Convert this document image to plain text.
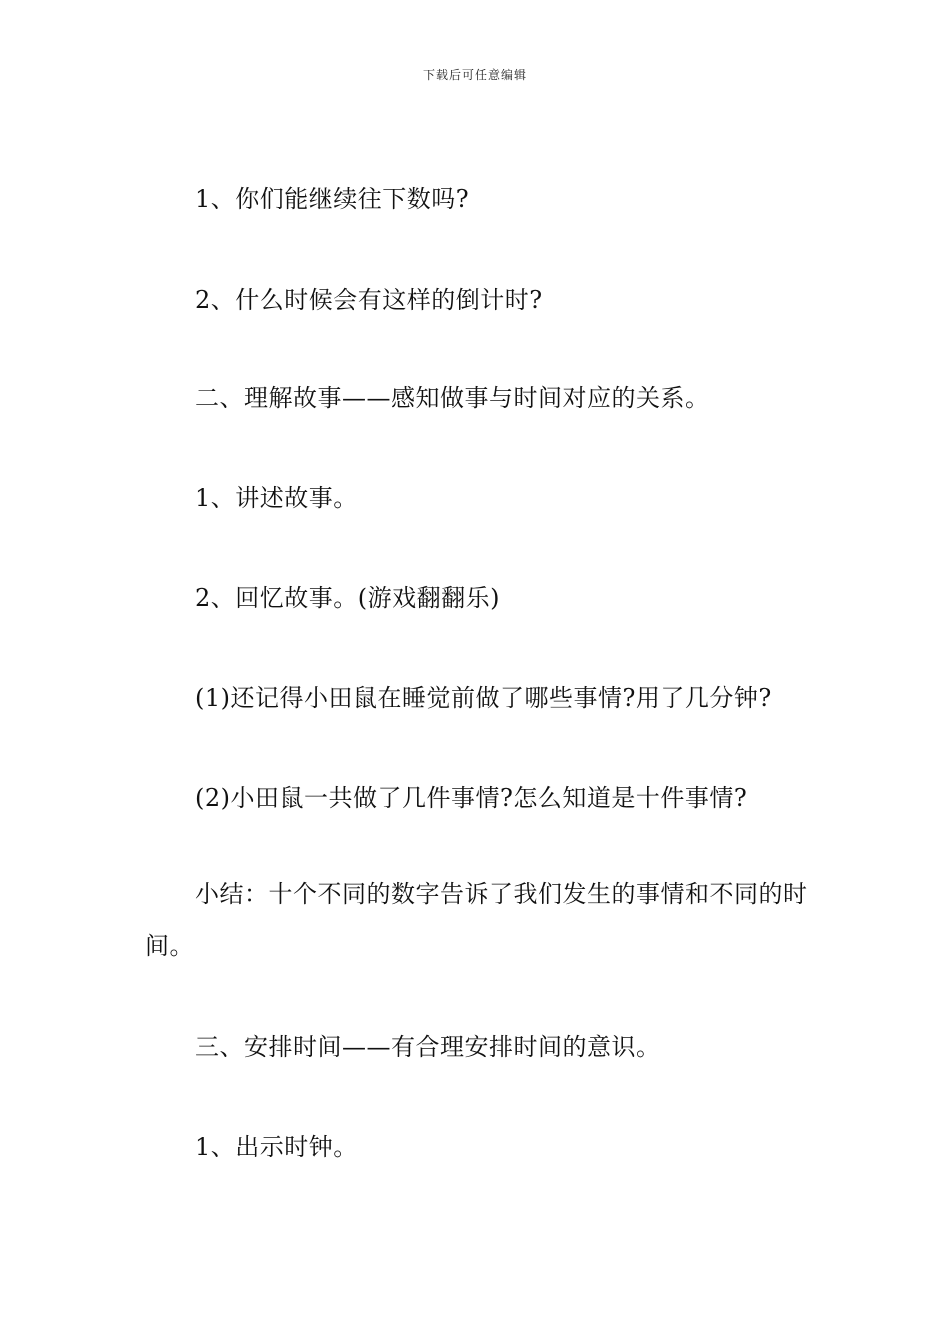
下载后可任意编辑
1、你们能继续往下数吗?
2、什么时候会有这样的倒计时?
二、理解故事——感知做事与时间对应的关系。
1、讲述故事。
2、回忆故事。(游戏翻翻乐)
(1)还记得小田鼠在睡觉前做了哪些事情?用了几分钟?
(2)小田鼠一共做了几件事情?怎么知道是十件事情?
小结：十个不同的数字告诉了我们发生的事情和不同的时间。
三、安排时间——有合理安排时间的意识。
1、出示时钟。
